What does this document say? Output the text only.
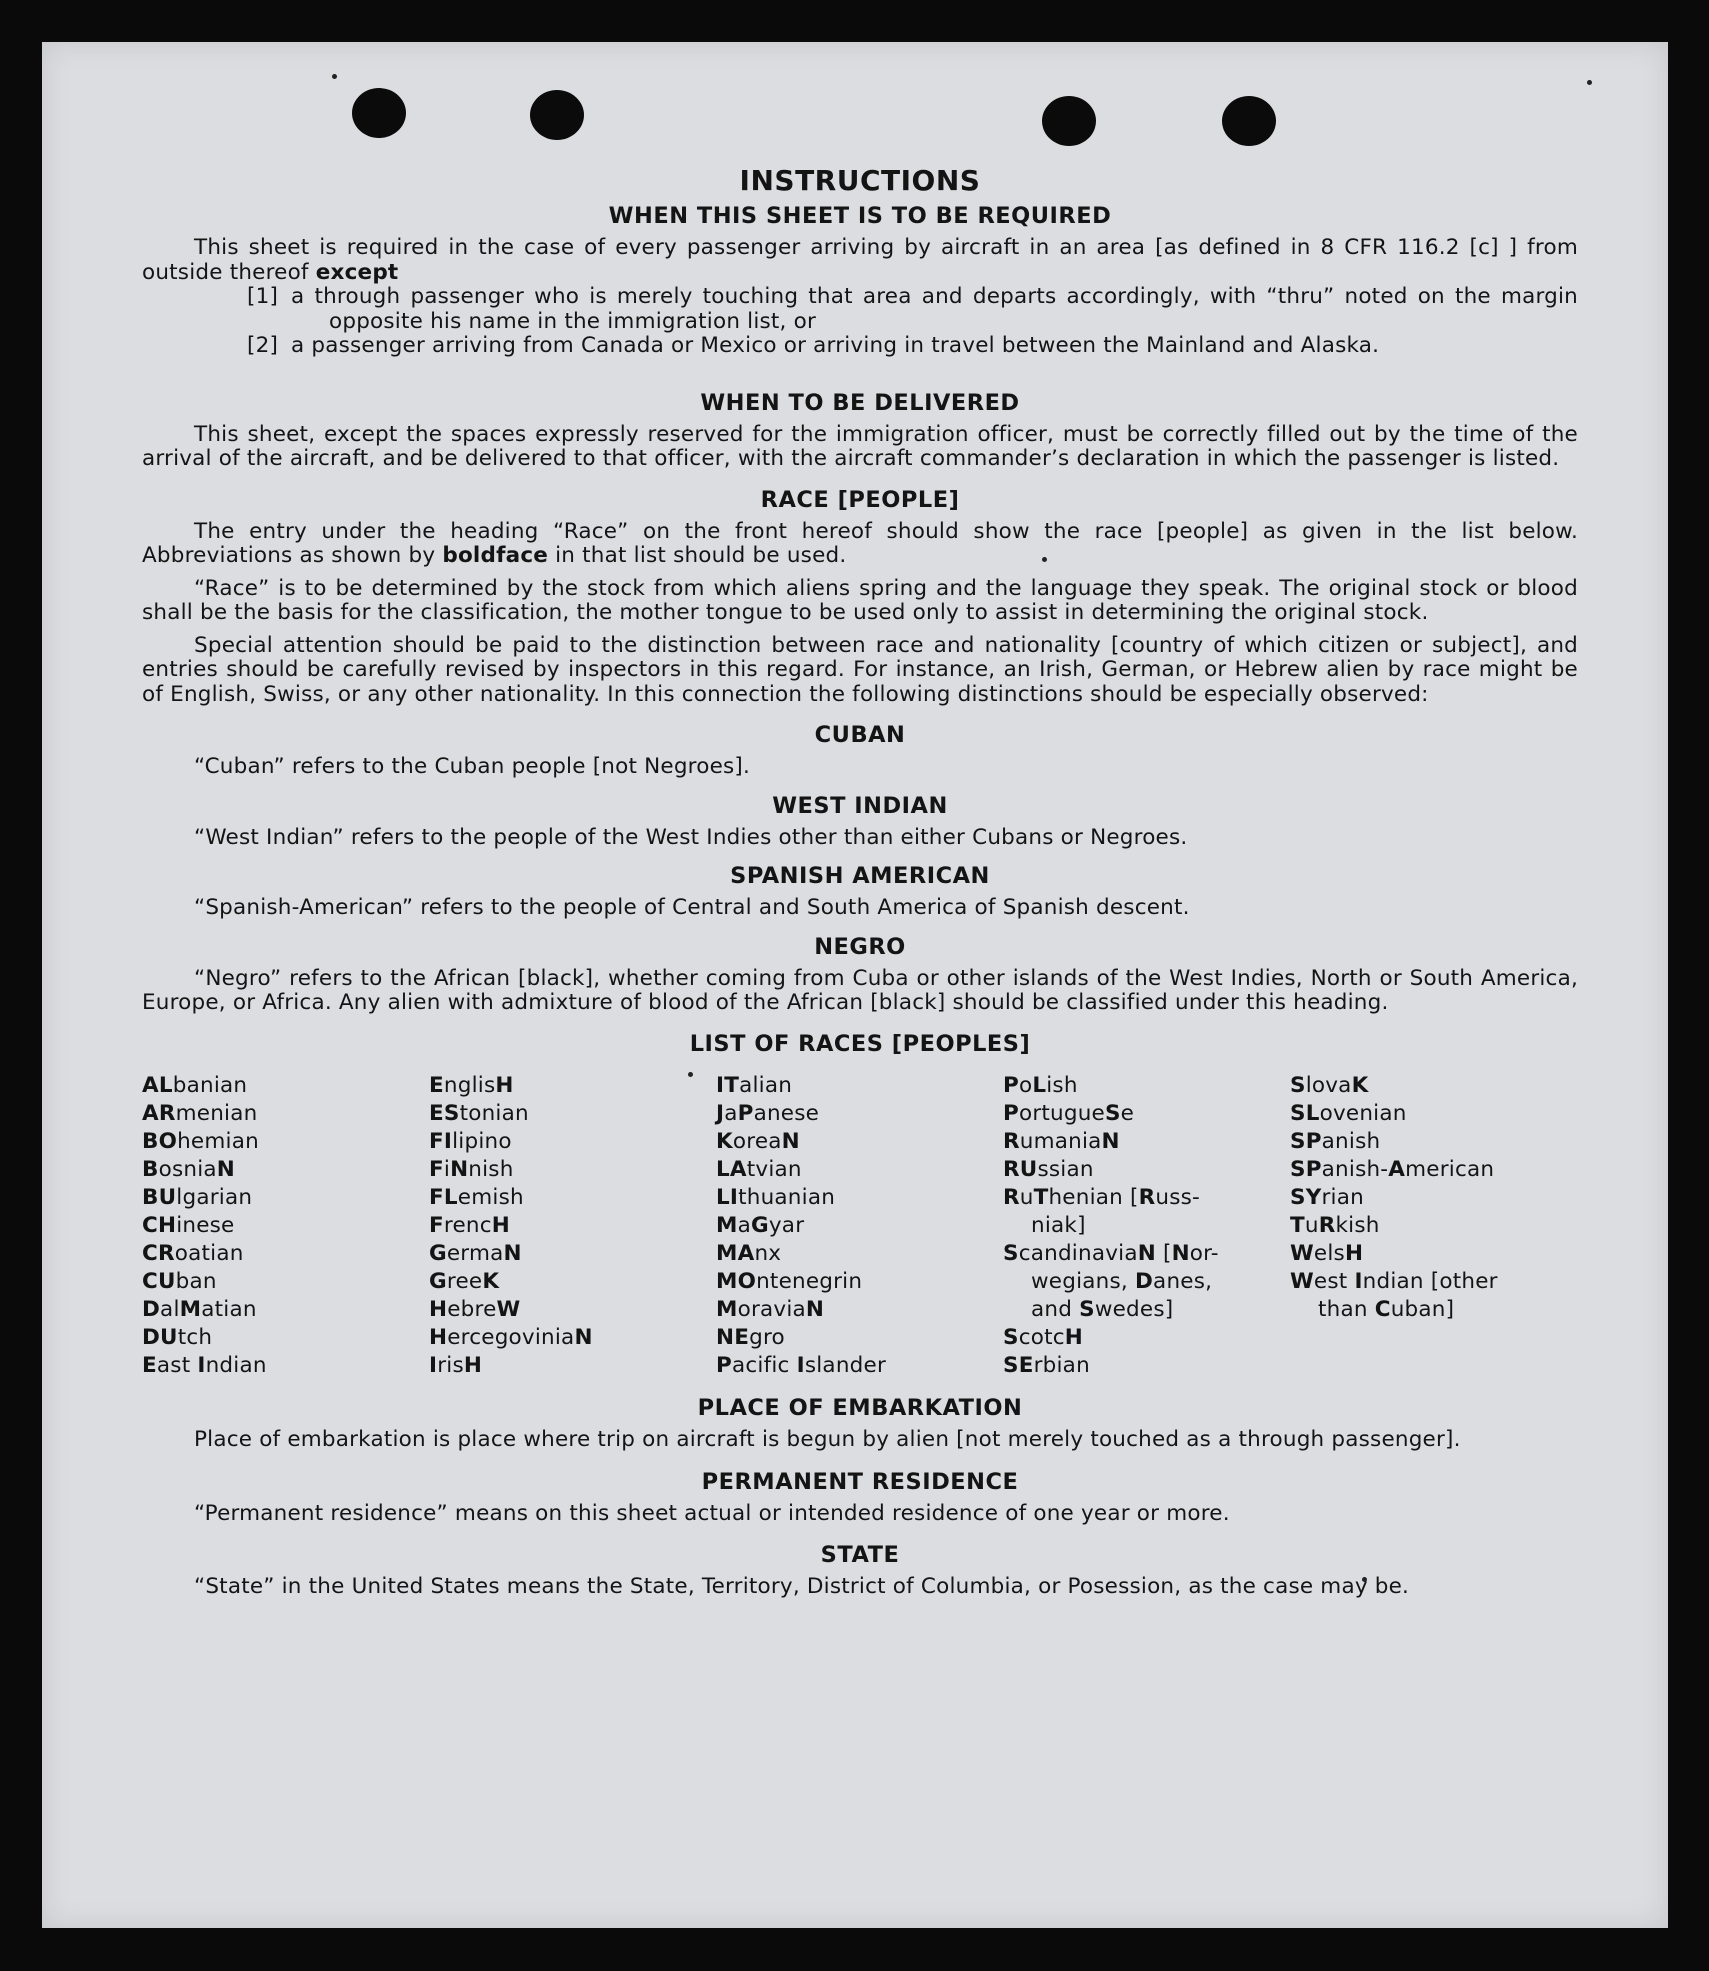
INSTRUCTIONS
WHEN THIS SHEET IS TO BE REQUIRED

This sheet is required in the case of every passenger arriving by aircraft in an area [as defined in 8 CFR 116.2 [c] ] from outside thereof except

[1] a through passenger who is merely touching that area and departs accordingly, with “thru” noted on the margin opposite his name in the immigration list, or

[2] a passenger arriving from Canada or Mexico or arriving in travel between the Mainland and Alaska.

WHEN TO BE DELIVERED

This sheet, except the spaces expressly reserved for the immigration officer, must be correctly filled out by the time of the arrival of the aircraft, and be delivered to that officer, with the aircraft commander’s declaration in which the passenger is listed.

RACE [PEOPLE]

The entry under the heading “Race” on the front hereof should show the race [people] as given in the list below. Abbreviations as shown by boldface in that list should be used.

“Race” is to be determined by the stock from which aliens spring and the language they speak. The original stock or blood shall be the basis for the classification, the mother tongue to be used only to assist in determining the original stock.

Special attention should be paid to the distinction between race and nationality [country of which citizen or subject], and entries should be carefully revised by inspectors in this regard. For instance, an Irish, German, or Hebrew alien by race might be of English, Swiss, or any other nationality. In this connection the following distinctions should be especially observed:

CUBAN

“Cuban” refers to the Cuban people [not Negroes].

WEST INDIAN

“West Indian” refers to the people of the West Indies other than either Cubans or Negroes.

SPANISH AMERICAN

“Spanish-American” refers to the people of Central and South America of Spanish descent.

NEGRO

“Negro” refers to the African [black], whether coming from Cuba or other islands of the West Indies, North or South America, Europe, or Africa. Any alien with admixture of blood of the African [black] should be classified under this heading.

LIST OF RACES [PEOPLES]
ALbanian
ARmenian
BOhemian
BosniaN
BUlgarian
CHinese
CRoatian
CUban
DalMatian
DUtch
East Indian
EnglisH
EStonian
FIlipino
FiNnish
FLemish
FrencH
GermaN
GreeK
HebreW
HercegoviniaN
IrisH
ITalian
JaPanese
KoreaN
LAtvian
LIthuanian
MaGyar
MAnx
MOntenegrin
MoraviaN
NEgro
Pacific Islander
PoLish
PortugueSe
RumaniaN
RUssian
RuThenian [Russ-
niak]
ScandinaviaN [Nor-
wegians, Danes,
and Swedes]
ScotcH
SErbian
SlovaK
SLovenian
SPanish
SPanish-American
SYrian
TuRkish
WelsH
West Indian [other
than Cuban]
PLACE OF EMBARKATION

Place of embarkation is place where trip on aircraft is begun by alien [not merely touched as a through passenger].

PERMANENT RESIDENCE

“Permanent residence” means on this sheet actual or intended residence of one year or more.

STATE

“State” in the United States means the State, Territory, District of Columbia, or Posession, as the case may be.
